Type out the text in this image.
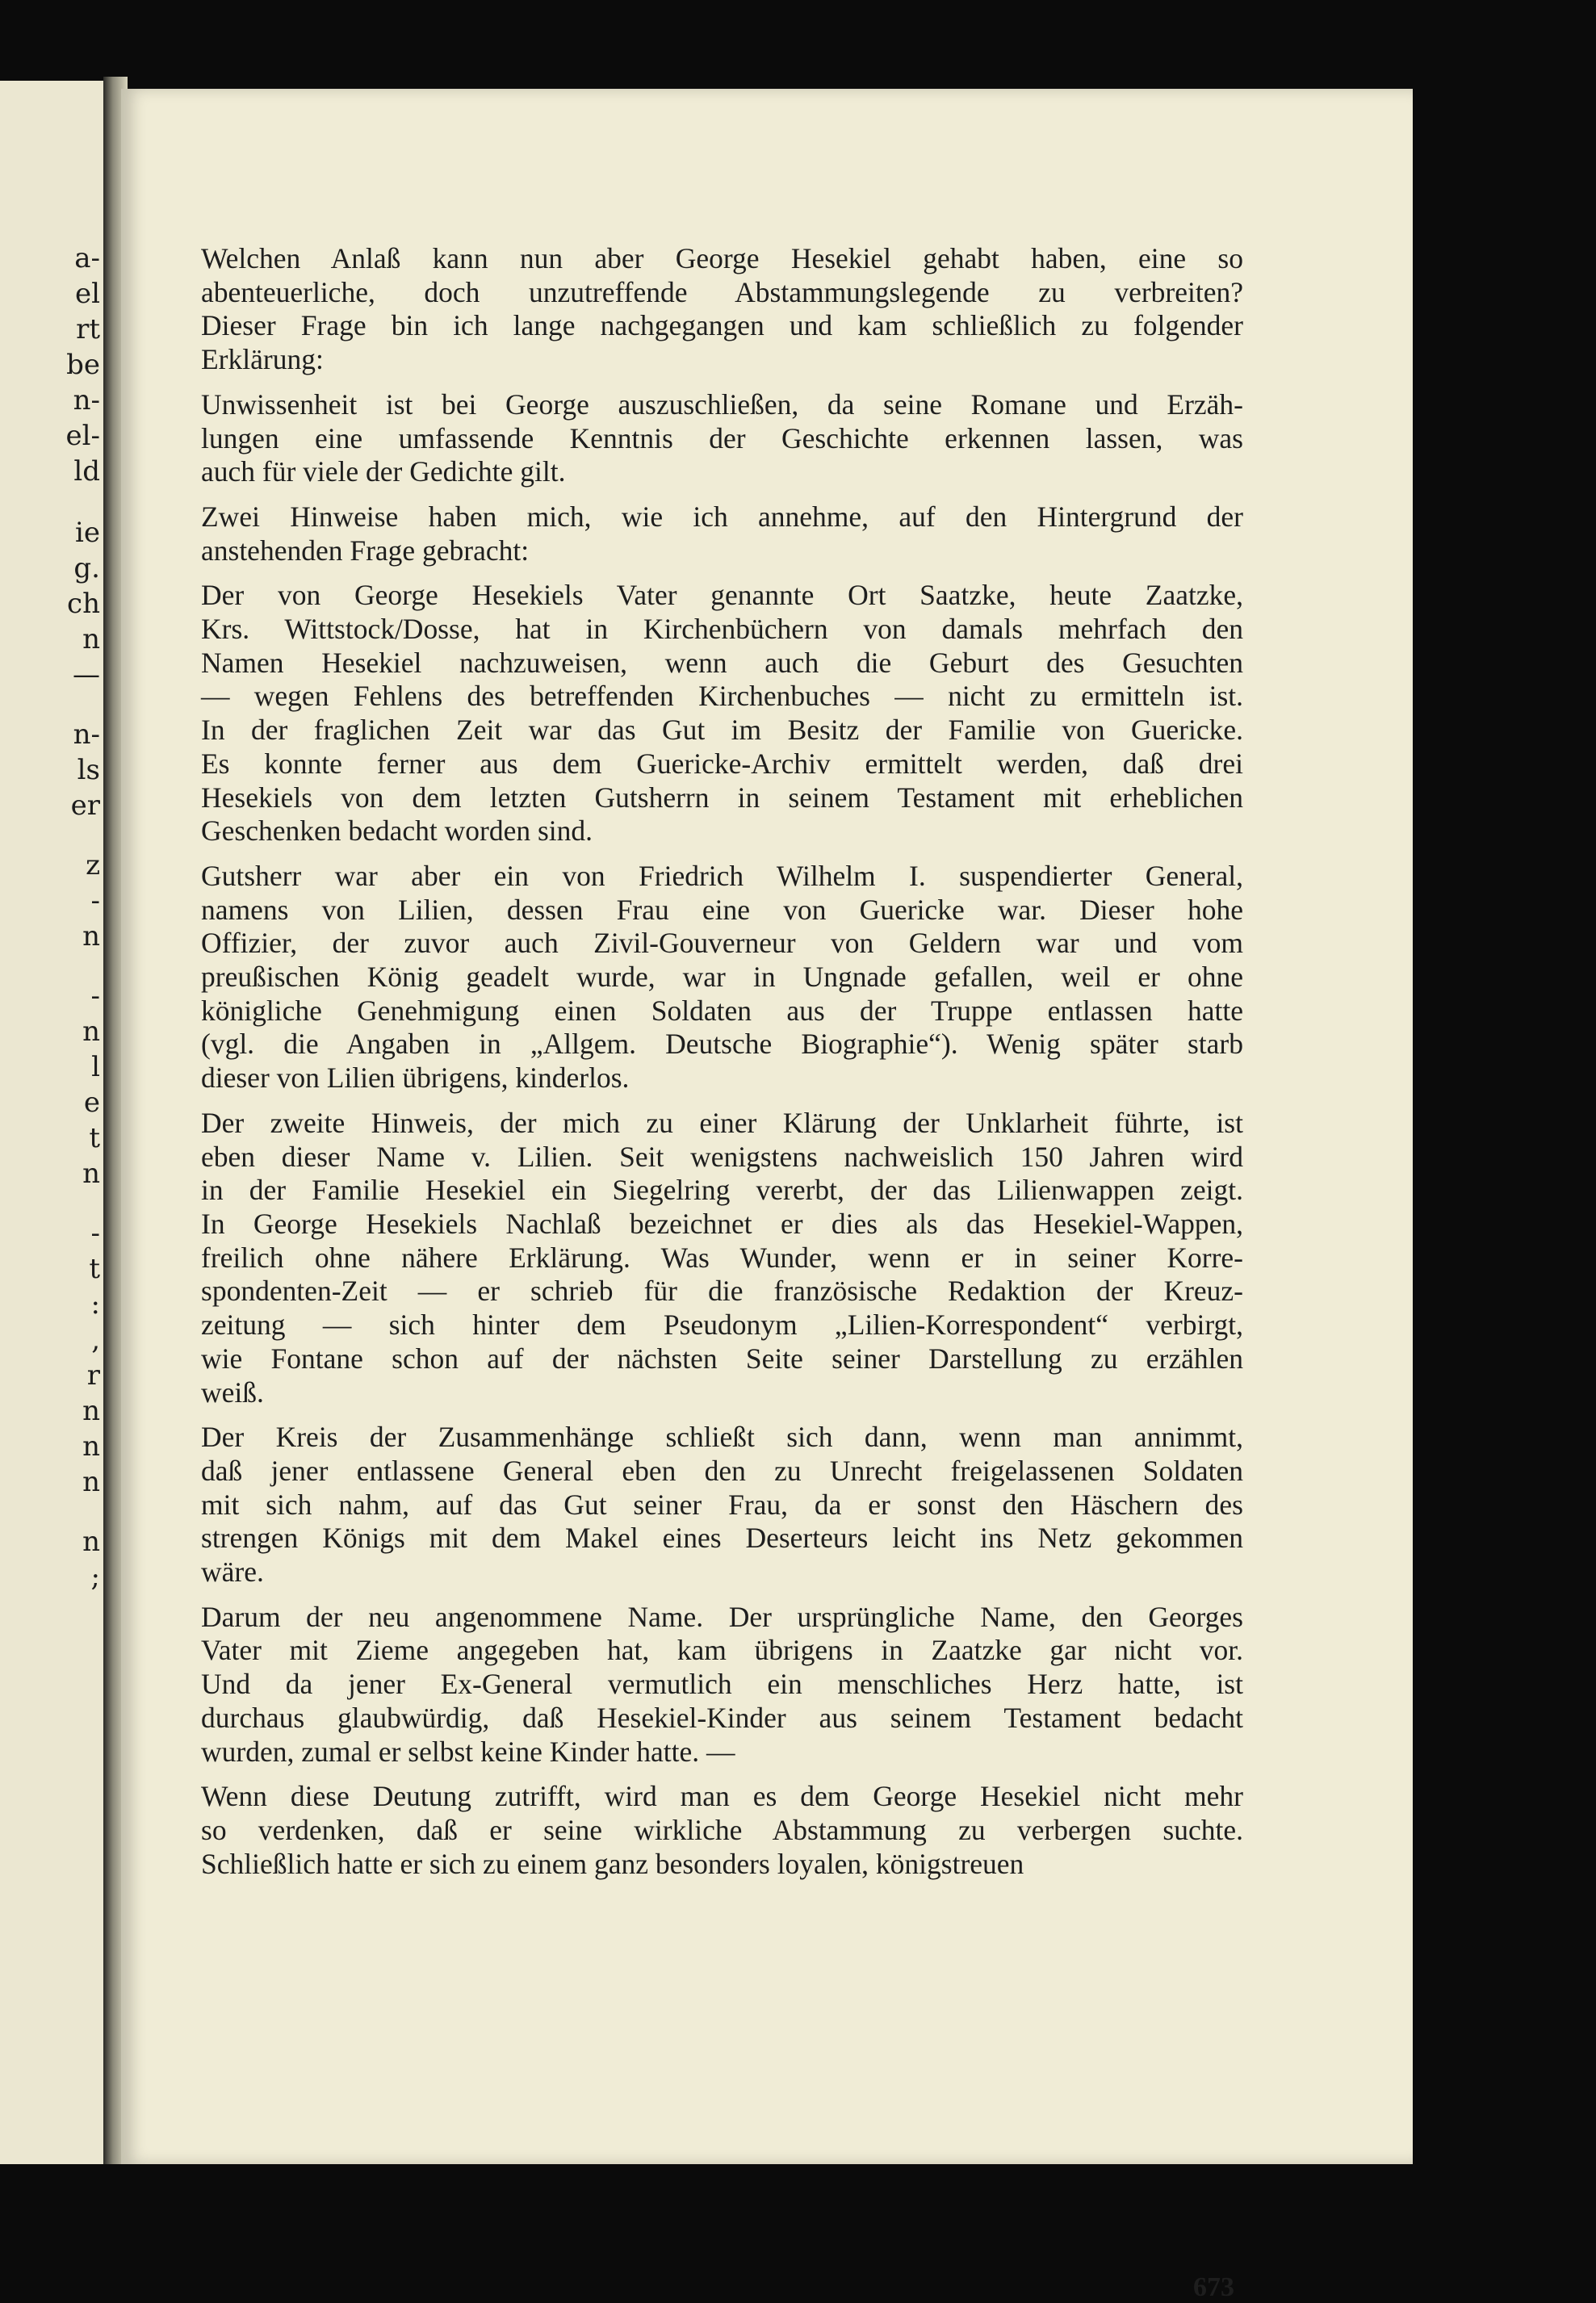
a-
el
rt
be
n-
el-
ld
ie
g.
ch
n
—
n-
ls
er
z
-
n
-
n
l
e
t
n
-
t
:
,
r
n
n
n
n
;

Welchen Anlaß kann nun aber George Hesekiel gehabt haben, eine so
abenteuerliche, doch unzutreffende Abstammungslegende zu verbreiten?
Dieser Frage bin ich lange nachgegangen und kam schließlich zu folgender
Erklärung:

Unwissenheit ist bei George auszuschließen, da seine Romane und Erzäh-
lungen eine umfassende Kenntnis der Geschichte erkennen lassen, was
auch für viele der Gedichte gilt.

Zwei Hinweise haben mich, wie ich annehme, auf den Hintergrund der
anstehenden Frage gebracht:

Der von George Hesekiels Vater genannte Ort Saatzke, heute Zaatzke,
Krs. Wittstock/Dosse, hat in Kirchenbüchern von damals mehrfach den
Namen Hesekiel nachzuweisen, wenn auch die Geburt des Gesuchten
— wegen Fehlens des betreffenden Kirchenbuches — nicht zu ermitteln ist.
In der fraglichen Zeit war das Gut im Besitz der Familie von Guericke.
Es konnte ferner aus dem Guericke-Archiv ermittelt werden, daß drei
Hesekiels von dem letzten Gutsherrn in seinem Testament mit erheblichen
Geschenken bedacht worden sind.

Gutsherr war aber ein von Friedrich Wilhelm I. suspendierter General,
namens von Lilien, dessen Frau eine von Guericke war. Dieser hohe
Offizier, der zuvor auch Zivil-Gouverneur von Geldern war und vom
preußischen König geadelt wurde, war in Ungnade gefallen, weil er ohne
königliche Genehmigung einen Soldaten aus der Truppe entlassen hatte
(vgl. die Angaben in „Allgem. Deutsche Biographie“). Wenig später starb
dieser von Lilien übrigens, kinderlos.

Der zweite Hinweis, der mich zu einer Klärung der Unklarheit führte, ist
eben dieser Name v. Lilien. Seit wenigstens nachweislich 150 Jahren wird
in der Familie Hesekiel ein Siegelring vererbt, der das Lilienwappen zeigt.
In George Hesekiels Nachlaß bezeichnet er dies als das Hesekiel-Wappen,
freilich ohne nähere Erklärung. Was Wunder, wenn er in seiner Korre-
spondenten-Zeit — er schrieb für die französische Redaktion der Kreuz-
zeitung — sich hinter dem Pseudonym „Lilien-Korrespondent“ verbirgt,
wie Fontane schon auf der nächsten Seite seiner Darstellung zu erzählen
weiß.

Der Kreis der Zusammenhänge schließt sich dann, wenn man annimmt,
daß jener entlassene General eben den zu Unrecht freigelassenen Soldaten
mit sich nahm, auf das Gut seiner Frau, da er sonst den Häschern des
strengen Königs mit dem Makel eines Deserteurs leicht ins Netz gekommen
wäre.

Darum der neu angenommene Name. Der ursprüngliche Name, den Georges
Vater mit Zieme angegeben hat, kam übrigens in Zaatzke gar nicht vor.
Und da jener Ex-General vermutlich ein menschliches Herz hatte, ist
durchaus glaubwürdig, daß Hesekiel-Kinder aus seinem Testament bedacht
wurden, zumal er selbst keine Kinder hatte. —

Wenn diese Deutung zutrifft, wird man es dem George Hesekiel nicht mehr
so verdenken, daß er seine wirkliche Abstammung zu verbergen suchte.
Schließlich hatte er sich zu einem ganz besonders loyalen, königstreuen

673
